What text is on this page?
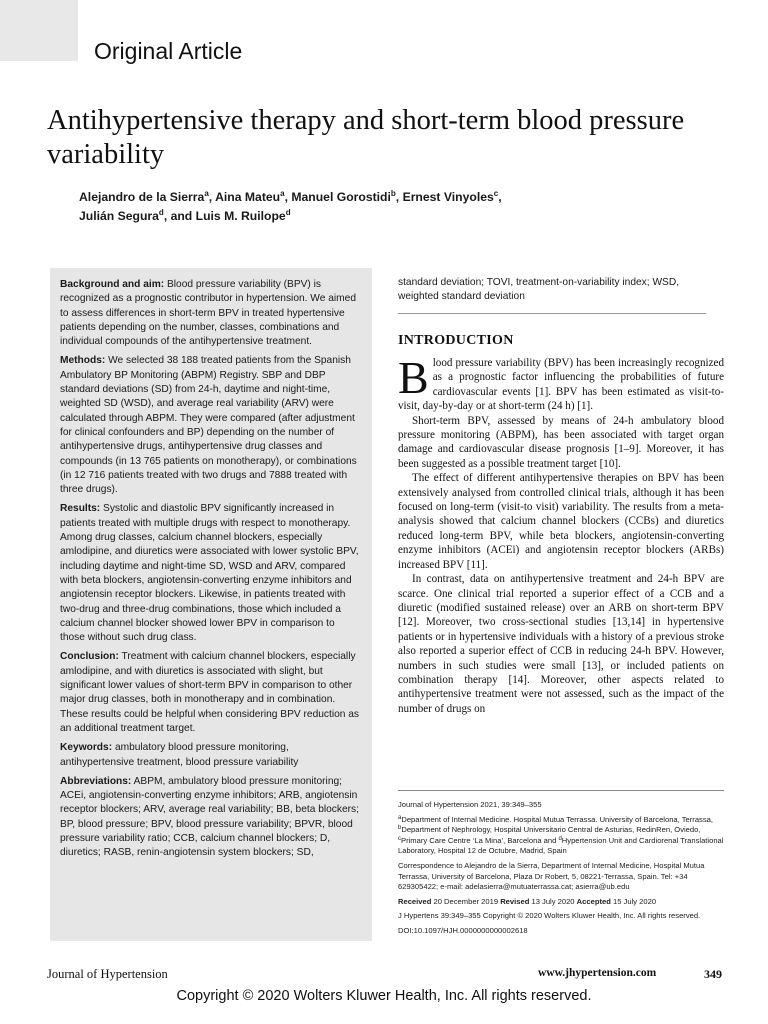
Original Article
Antihypertensive therapy and short-term blood pressure variability
Alejandro de la Sierra$^a$, Aina Mateu$^a$, Manuel Gorostidi$^b$, Ernest Vinyoles$^c$,
Julián Segura$^d$, and Luis M. Ruilope$^d$

Background and aim: Blood pressure variability (BPV) is recognized as a prognostic contributor in hypertension. We aimed to assess differences in short-term BPV in treated hypertensive patients depending on the number, classes, combinations and individual compounds of the antihypertensive treatment.

Methods: We selected 38 188 treated patients from the Spanish Ambulatory BP Monitoring (ABPM) Registry. SBP and DBP standard deviations (SD) from 24-h, daytime and night-time, weighted SD (WSD), and average real variability (ARV) were calculated through ABPM. They were compared (after adjustment for clinical confounders and BP) depending on the number of antihypertensive drugs, antihypertensive drug classes and compounds (in 13 765 patients on monotherapy), or combinations (in 12 716 patients treated with two drugs and 7888 treated with three drugs).

Results: Systolic and diastolic BPV significantly increased in patients treated with multiple drugs with respect to monotherapy. Among drug classes, calcium channel blockers, especially amlodipine, and diuretics were associated with lower systolic BPV, including daytime and night-time SD, WSD and ARV, compared with beta blockers, angiotensin-converting enzyme inhibitors and angiotensin receptor blockers. Likewise, in patients treated with two-drug and three-drug combinations, those which included a calcium channel blocker showed lower BPV in comparison to those without such drug class.

Conclusion: Treatment with calcium channel blockers, especially amlodipine, and with diuretics is associated with slight, but significant lower values of short-term BPV in comparison to other major drug classes, both in monotherapy and in combination. These results could be helpful when considering BPV reduction as an additional treatment target.

Keywords: ambulatory blood pressure monitoring, antihypertensive treatment, blood pressure variability

Abbreviations: ABPM, ambulatory blood pressure monitoring; ACEi, angiotensin-converting enzyme inhibitors; ARB, angiotensin receptor blockers; ARV, average real variability; BB, beta blockers; BP, blood pressure; BPV, blood pressure variability; BPVR, blood pressure variability ratio; CCB, calcium channel blockers; D, diuretics; RASB, renin-angiotensin system blockers; SD,

standard deviation; TOVI, treatment-on-variability index; WSD, weighted standard deviation
INTRODUCTION

Blood pressure variability (BPV) has been increasingly recognized as a prognostic factor influencing the probabilities of future cardiovascular events [1]. BPV has been estimated as visit-to-visit, day-by-day or at short-term (24 h) [1].

Short-term BPV, assessed by means of 24-h ambulatory blood pressure monitoring (ABPM), has been associated with target organ damage and cardiovascular disease prognosis [1–9]. Moreover, it has been suggested as a possible treatment target [10].

The effect of different antihypertensive therapies on BPV has been extensively analysed from controlled clinical trials, although it has been focused on long-term (visit-to visit) variability. The results from a meta-analysis showed that calcium channel blockers (CCBs) and diuretics reduced long-term BPV, while beta blockers, angiotensin-converting enzyme inhibitors (ACEi) and angiotensin receptor blockers (ARBs) increased BPV [11].

In contrast, data on antihypertensive treatment and 24-h BPV are scarce. One clinical trial reported a superior effect of a CCB and a diuretic (modified sustained release) over an ARB on short-term BPV [12]. Moreover, two cross-sectional studies [13,14] in hypertensive patients or in hypertensive individuals with a history of a previous stroke also reported a superior effect of CCB in reducing 24-h BPV. However, numbers in such studies were small [13], or included patients on combination therapy [14]. Moreover, other aspects related to antihypertensive treatment were not assessed, such as the impact of the number of drugs on

Journal of Hypertension 2021, 39:349–355

$^a$Department of Internal Medicine. Hospital Mutua Terrassa. University of Barcelona, Terrassa, $^b$Department of Nephrology, Hospital Universitario Central de Asturias, RedinRen, Oviedo, $^c$Primary Care Centre ‘La Mina’, Barcelona and $^d$Hypertension Unit and Cardiorenal Translational Laboratory, Hospital 12 de Octubre, Madrid, Spain

Correspondence to Alejandro de la Sierra, Department of Internal Medicine, Hospital Mutua Terrassa, University of Barcelona, Plaza Dr Robert, 5, 08221-Terrassa, Spain. Tel: +34 629305422; e-mail: adelasierra@mutuaterrassa.cat; asierra@ub.edu

Received 20 December 2019 Revised 13 July 2020 Accepted 15 July 2020

J Hypertens 39:349–355 Copyright © 2020 Wolters Kluwer Health, Inc. All rights reserved.

DOI:10.1097/HJH.0000000000002618

Journal of Hypertension	www.jhypertension.com	349
Copyright © 2020 Wolters Kluwer Health, Inc. All rights reserved.
